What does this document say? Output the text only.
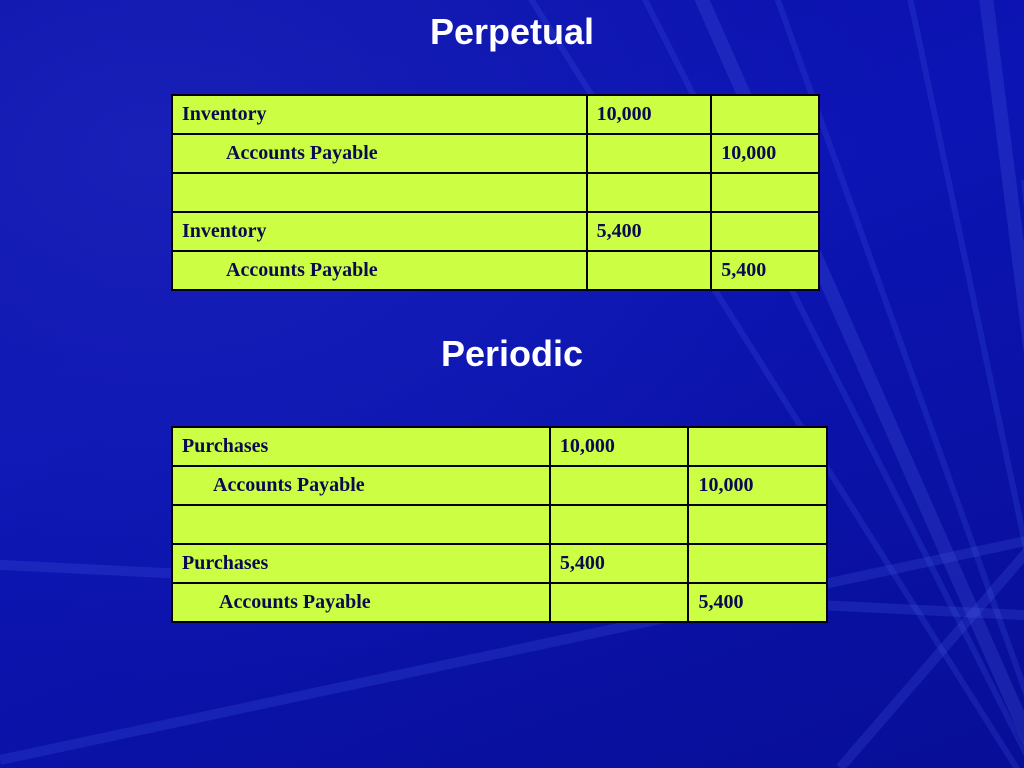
Perpetual
Inventory	10,000	
Accounts Payable		10,000

Inventory	5,400	
Accounts Payable		5,400
Periodic
Purchases	10,000	
Accounts Payable		10,000

Purchases	5,400	
Accounts Payable		5,400
